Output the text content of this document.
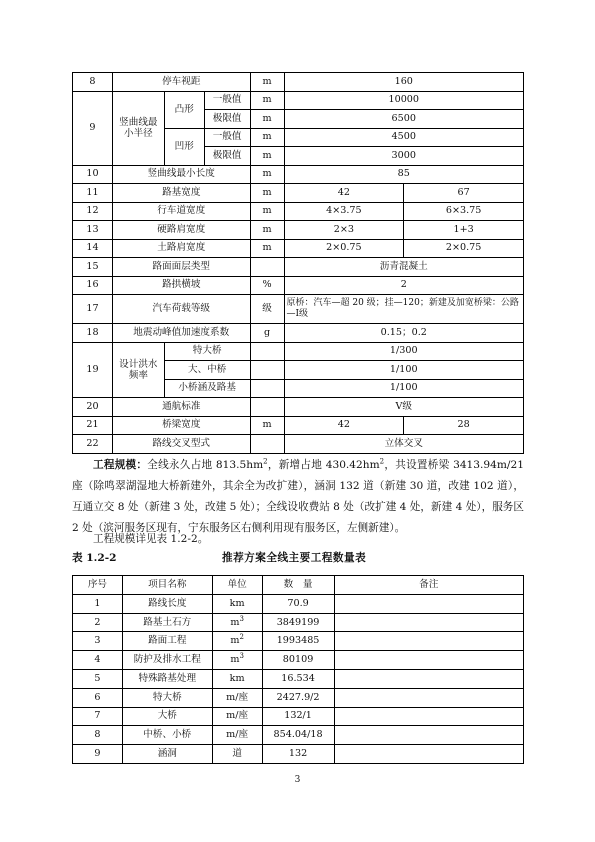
8	停车视距			m	160	
9	竖曲线最小半径	凸形	一般值	m	10000	
			极限值	m	6500	
		凹形	一般值	m	4500	
			极限值	m	3000	
10	竖曲线最小长度			m	85	
11	路基宽度			m	42	67
12	行车道宽度			m	4×3.75	6×3.75
13	硬路肩宽度			m	2×3	1+3
14	土路肩宽度			m	2×0.75	2×0.75
15	路面面层类型				沥青混凝土	
16	路拱横坡			%	2	
17	汽车荷载等级			级	原桥：汽车—超 20 级；挂—120；新建及加宽桥梁：公路—Ⅰ级	
18	地震动峰值加速度系数			g	0.15；0.2	
19	设计洪水频率	特大桥			1/300	
		大、中桥			1/100	
		小桥涵及路基			1/100	
20	通航标准				Ⅴ级	
21	桥梁宽度			m	42	28
22	路线交叉型式				立体交叉	

工程规模：全线永久占地 $813.5hm^2$，新增占地 $430.42hm^2$，共设置桥梁 3413.94m/21 座（除鸣翠湖湿地大桥新建外，其余全为改扩建），涵洞 132 道（新建 30 道，改建 102 道），互通立交 8 处（新建 3 处，改建 5 处）；全线设收费站 8 处（改扩建 4 处，新建 4 处），服务区 2 处（滨河服务区现有，宁东服务区右侧利用现有服务区，左侧新建）。

工程规模详见表 1.2-2。

表 1.2-2	推荐方案全线主要工程数量表
序号	项目名称	单位	数　量	备注
1	路线长度	km	70.9	
2	路基土石方	$m^3$	3849199	
3	路面工程	$m^2$	1993485	
4	防护及排水工程	$m^3$	80109	
5	特殊路基处理	km	16.534	
6	特大桥	m/座	2427.9/2	
7	大桥	m/座	132/1	
8	中桥、小桥	m/座	854.04/18	
9	涵洞	道	132	
3
